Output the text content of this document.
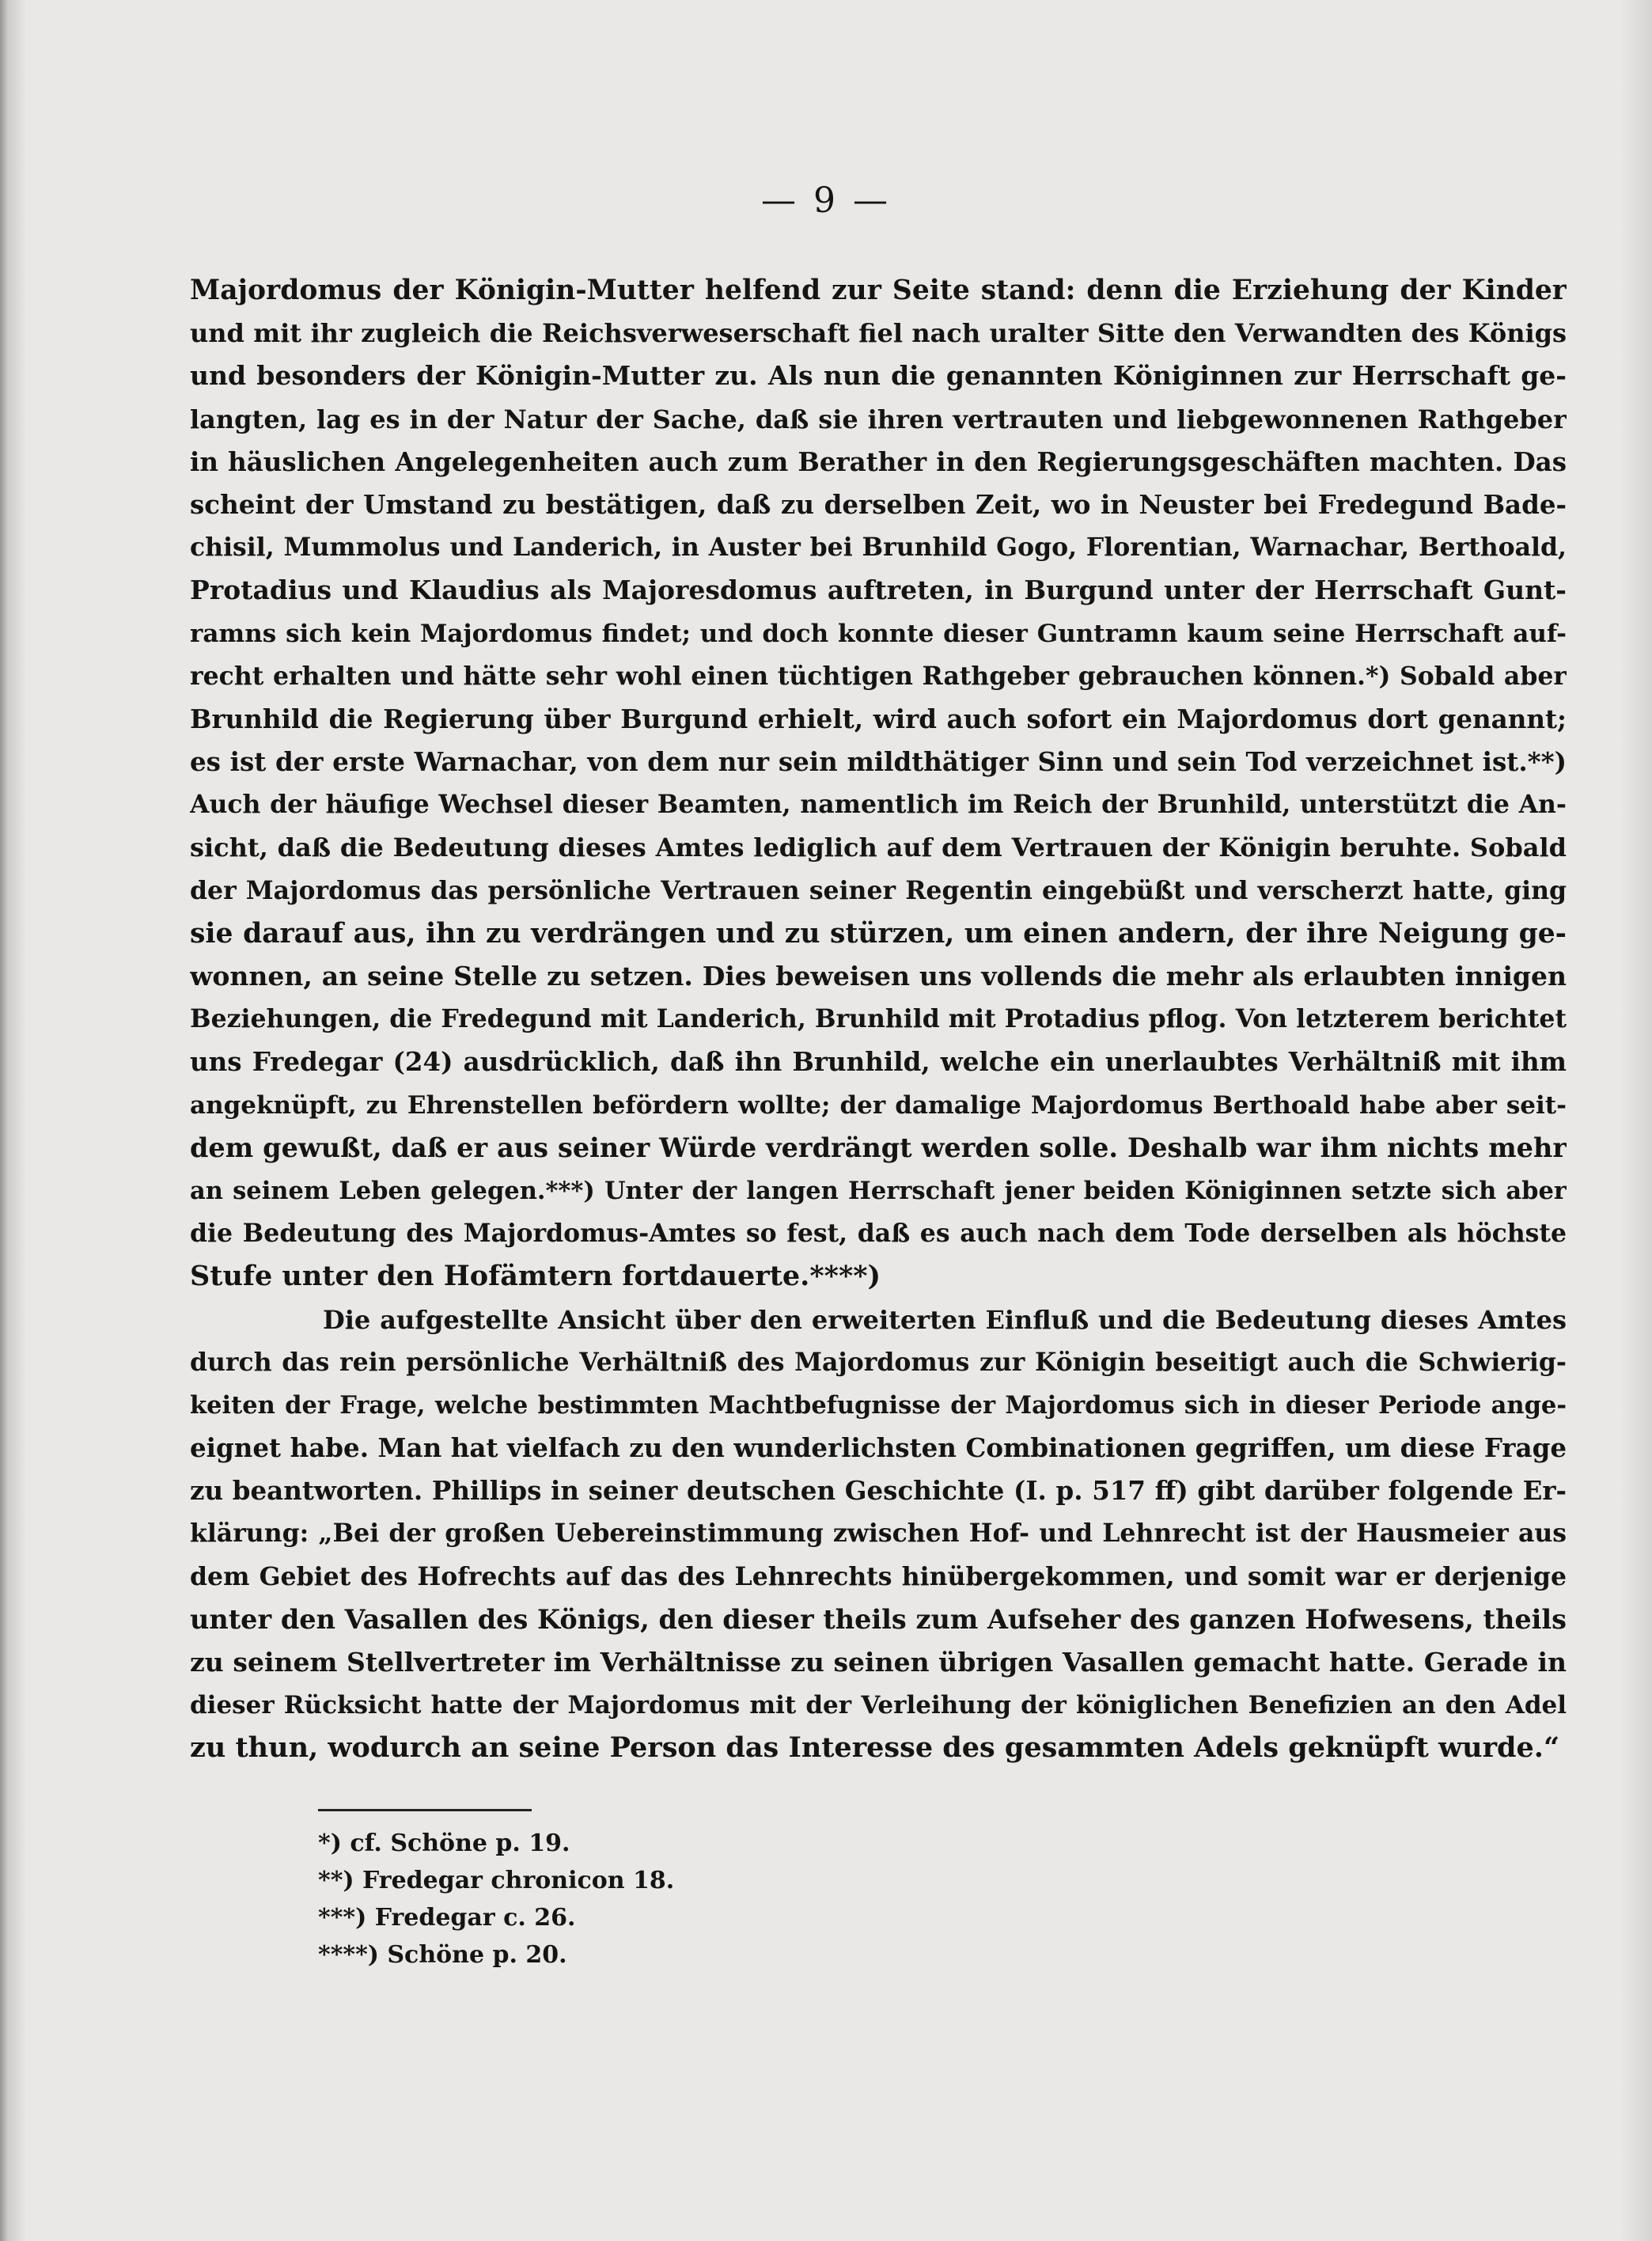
— 9 —
Majordomus der Königin-Mutter helfend zur Seite stand: denn die Erziehung der Kinder
und mit ihr zugleich die Reichsverweserschaft fiel nach uralter Sitte den Verwandten des Königs
und besonders der Königin-Mutter zu. Als nun die genannten Königinnen zur Herrschaft ge-
langten, lag es in der Natur der Sache, daß sie ihren vertrauten und liebgewonnenen Rathgeber
in häuslichen Angelegenheiten auch zum Berather in den Regierungsgeschäften machten. Das
scheint der Umstand zu bestätigen, daß zu derselben Zeit, wo in Neuster bei Fredegund Bade-
chisil, Mummolus und Landerich, in Auster bei Brunhild Gogo, Florentian, Warnachar, Berthoald,
Protadius und Klaudius als Majoresdomus auftreten, in Burgund unter der Herrschaft Gunt-
ramns sich kein Majordomus findet; und doch konnte dieser Guntramn kaum seine Herrschaft auf-
recht erhalten und hätte sehr wohl einen tüchtigen Rathgeber gebrauchen können.*) Sobald aber
Brunhild die Regierung über Burgund erhielt, wird auch sofort ein Majordomus dort genannt;
es ist der erste Warnachar, von dem nur sein mildthätiger Sinn und sein Tod verzeichnet ist.**)
Auch der häufige Wechsel dieser Beamten, namentlich im Reich der Brunhild, unterstützt die An-
sicht, daß die Bedeutung dieses Amtes lediglich auf dem Vertrauen der Königin beruhte. Sobald
der Majordomus das persönliche Vertrauen seiner Regentin eingebüßt und verscherzt hatte, ging
sie darauf aus, ihn zu verdrängen und zu stürzen, um einen andern, der ihre Neigung ge-
wonnen, an seine Stelle zu setzen. Dies beweisen uns vollends die mehr als erlaubten innigen
Beziehungen, die Fredegund mit Landerich, Brunhild mit Protadius pflog. Von letzterem berichtet
uns Fredegar (24) ausdrücklich, daß ihn Brunhild, welche ein unerlaubtes Verhältniß mit ihm
angeknüpft, zu Ehrenstellen befördern wollte; der damalige Majordomus Berthoald habe aber seit-
dem gewußt, daß er aus seiner Würde verdrängt werden solle. Deshalb war ihm nichts mehr
an seinem Leben gelegen.***) Unter der langen Herrschaft jener beiden Königinnen setzte sich aber
die Bedeutung des Majordomus-Amtes so fest, daß es auch nach dem Tode derselben als höchste
Stufe unter den Hofämtern fortdauerte.****)
Die aufgestellte Ansicht über den erweiterten Einfluß und die Bedeutung dieses Amtes
durch das rein persönliche Verhältniß des Majordomus zur Königin beseitigt auch die Schwierig-
keiten der Frage, welche bestimmten Machtbefugnisse der Majordomus sich in dieser Periode ange-
eignet habe. Man hat vielfach zu den wunderlichsten Combinationen gegriffen, um diese Frage
zu beantworten. Phillips in seiner deutschen Geschichte (I. p. 517 ff) gibt darüber folgende Er-
klärung: „Bei der großen Uebereinstimmung zwischen Hof- und Lehnrecht ist der Hausmeier aus
dem Gebiet des Hofrechts auf das des Lehnrechts hinübergekommen, und somit war er derjenige
unter den Vasallen des Königs, den dieser theils zum Aufseher des ganzen Hofwesens, theils
zu seinem Stellvertreter im Verhältnisse zu seinen übrigen Vasallen gemacht hatte. Gerade in
dieser Rücksicht hatte der Majordomus mit der Verleihung der königlichen Benefizien an den Adel
zu thun, wodurch an seine Person das Interesse des gesammten Adels geknüpft wurde.“
*) cf. Schöne p. 19.
**) Fredegar chronicon 18.
***) Fredegar c. 26.
****) Schöne p. 20.
